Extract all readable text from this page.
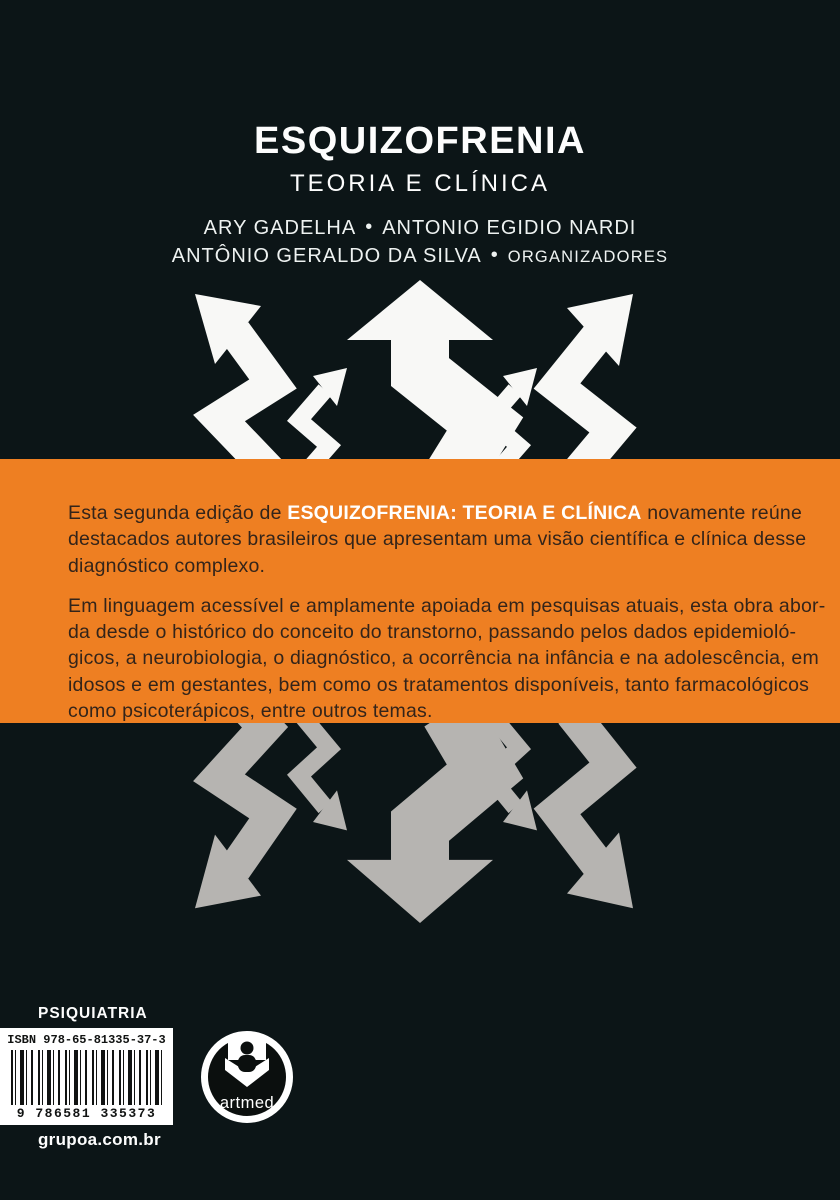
ESQUIZOFRENIA
TEORIA E CLÍNICA
ARY GADELHA • ANTONIO EGIDIO NARDI
ANTÔNIO GERALDO DA SILVA • ORGANIZADORES

Esta segunda edição de ESQUIZOFRENIA: TEORIA E CLÍNICA novamente reúne
destacados autores brasileiros que apresentam uma visão científica e clínica desse
diagnóstico complexo.

Em linguagem acessível e amplamente apoiada em pesquisas atuais, esta obra abor-
da desde o histórico do conceito do transtorno, passando pelos dados epidemioló-
gicos, a neurobiologia, o diagnóstico, a ocorrência na infância e na adolescência, em
idosos e em gestantes, bem como os tratamentos disponíveis, tanto farmacológicos
como psicoterápicos, entre outros temas.

PSIQUIATRIA
ISBN 978-65-81335-37-3
9 786581 335373
grupoa.com.br
artmed
